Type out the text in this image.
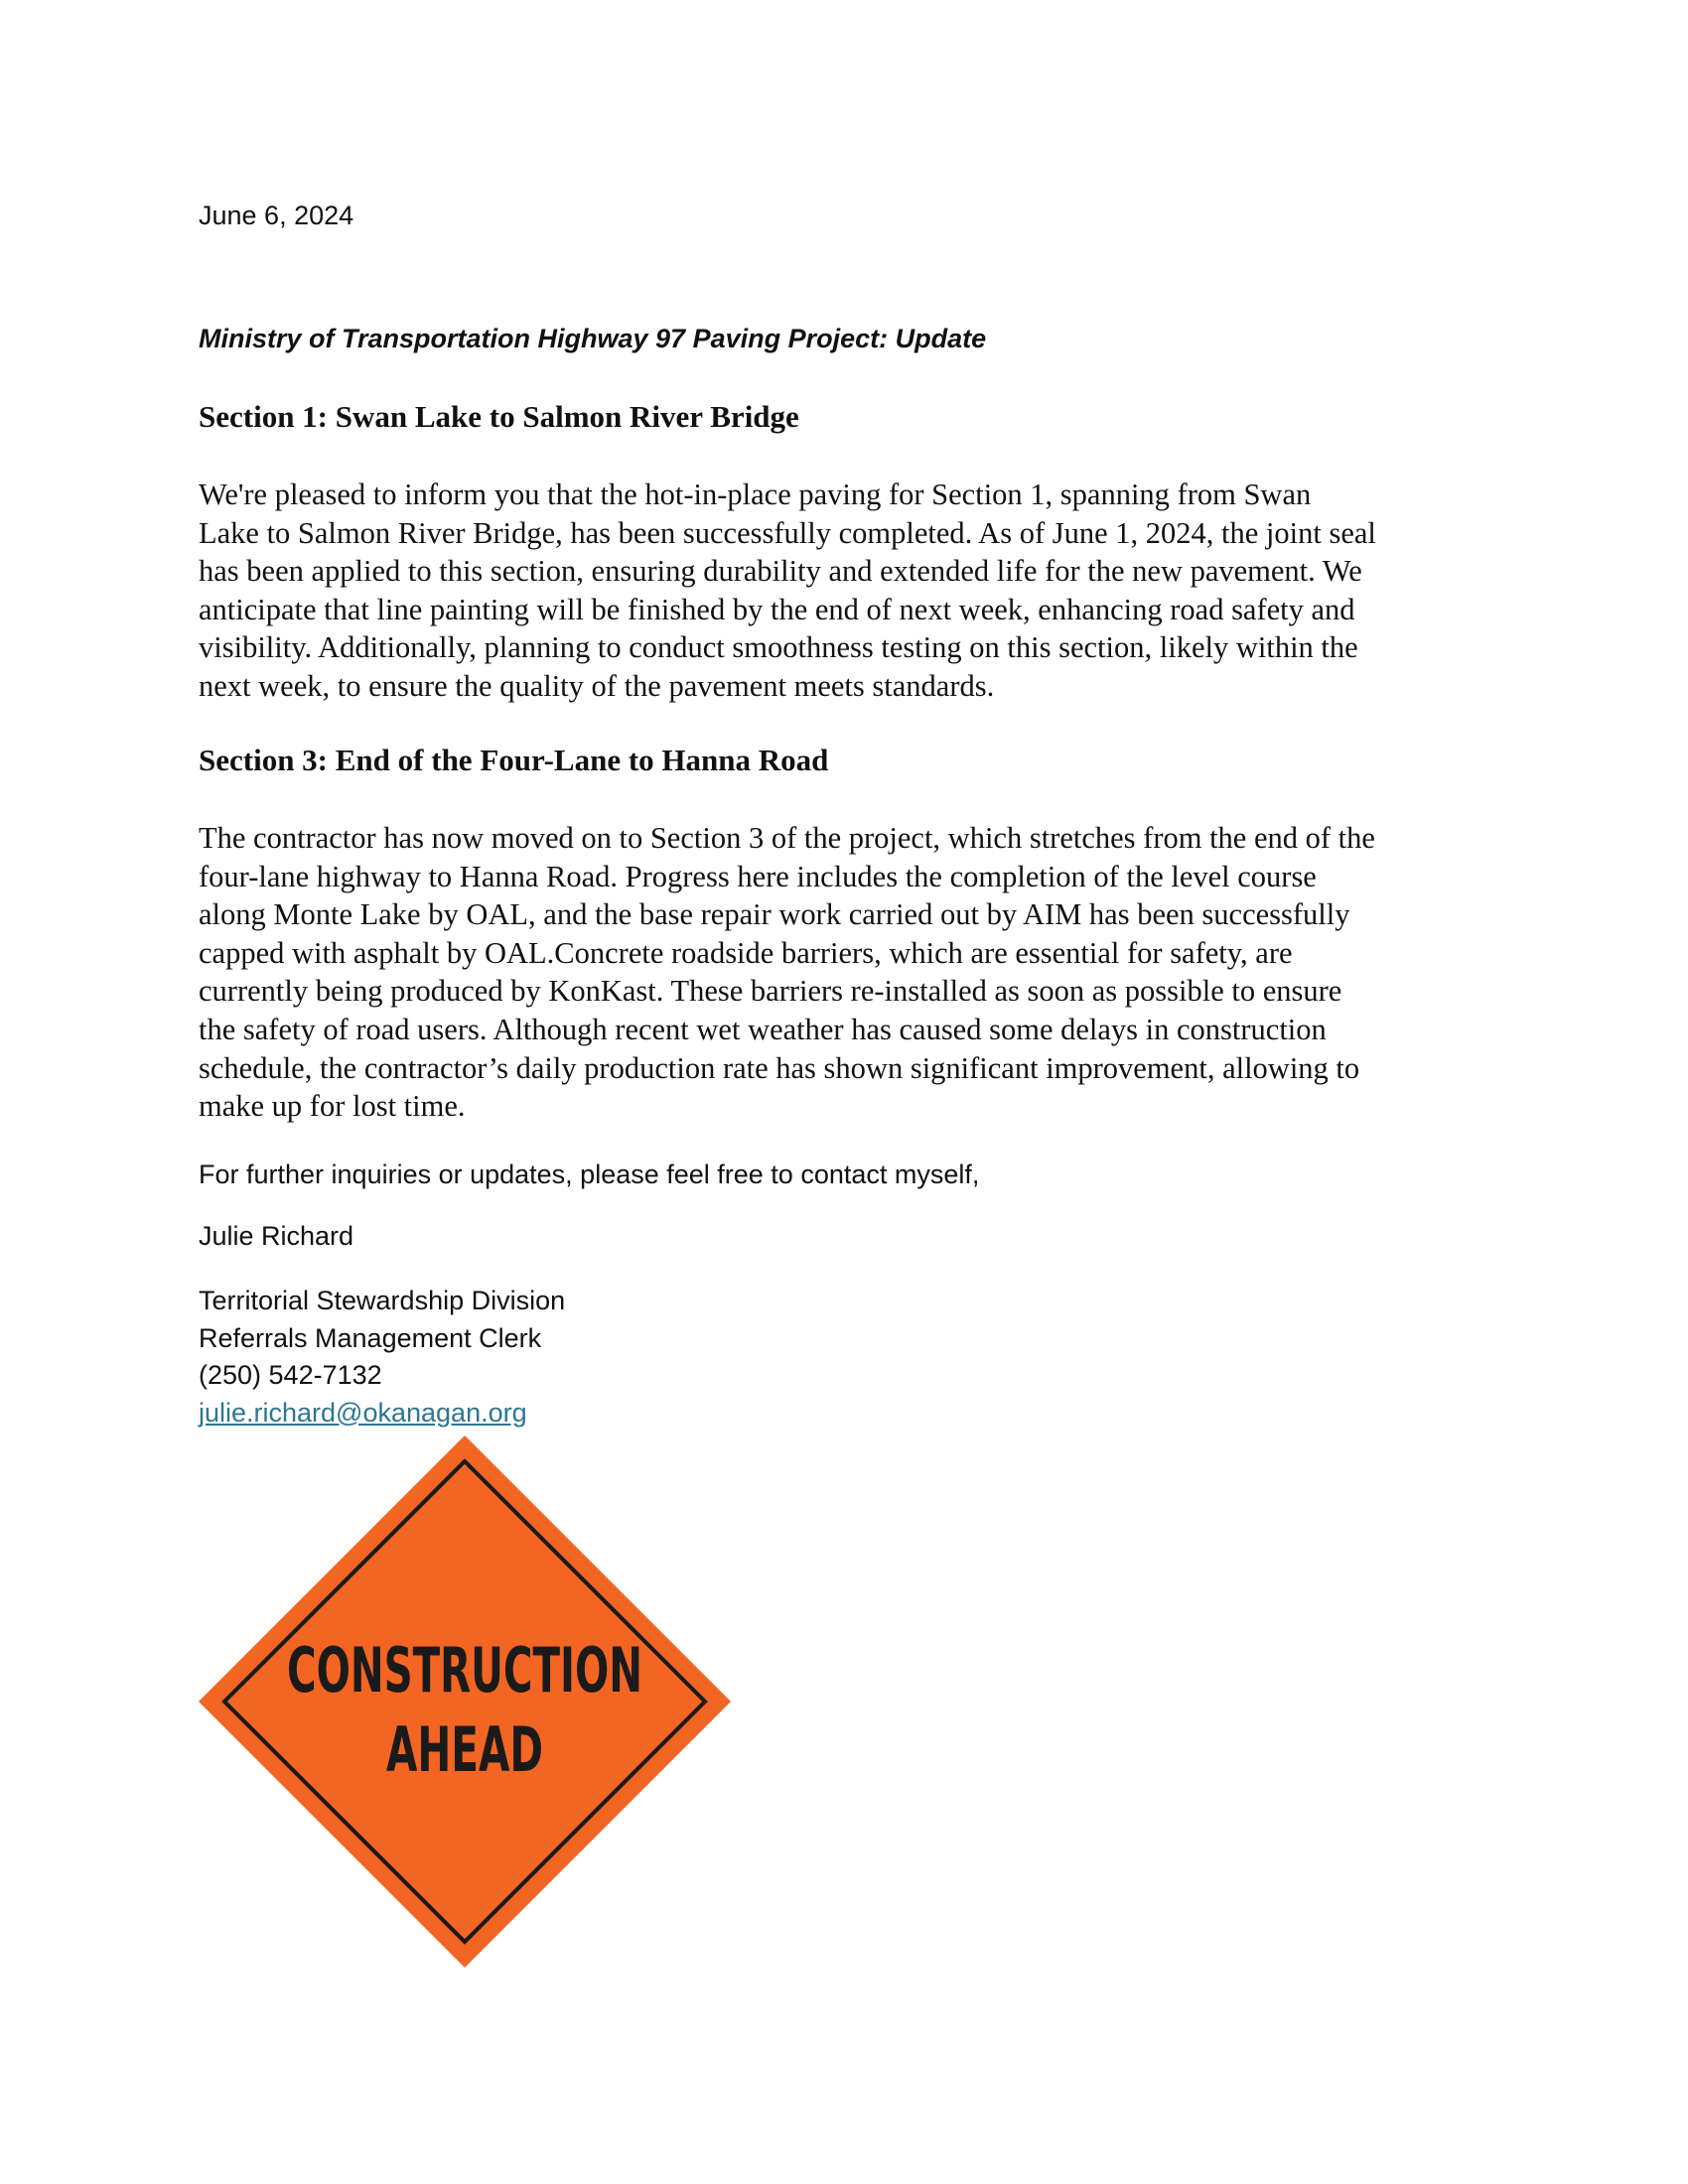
June 6, 2024
Ministry of Transportation Highway 97 Paving Project: Update
Section 1: Swan Lake to Salmon River Bridge
We're pleased to inform you that the hot-in-place paving for Section 1, spanning from Swan
Lake to Salmon River Bridge, has been successfully completed. As of June 1, 2024, the joint seal
has been applied to this section, ensuring durability and extended life for the new pavement. We
anticipate that line painting will be finished by the end of next week, enhancing road safety and
visibility. Additionally, planning to conduct smoothness testing on this section, likely within the
next week, to ensure the quality of the pavement meets standards.
Section 3: End of the Four-Lane to Hanna Road
The contractor has now moved on to Section 3 of the project, which stretches from the end of the
four-lane highway to Hanna Road. Progress here includes the completion of the level course
along Monte Lake by OAL, and the base repair work carried out by AIM has been successfully
capped with asphalt by OAL.Concrete roadside barriers, which are essential for safety, are
currently being produced by KonKast. These barriers re-installed as soon as possible to ensure
the safety of road users. Although recent wet weather has caused some delays in construction
schedule, the contractor’s daily production rate has shown significant improvement, allowing to
make up for lost time.
For further inquiries or updates, please feel free to contact myself,
Julie Richard
Territorial Stewardship Division
Referrals Management Clerk
(250) 542-7132
julie.richard@okanagan.org
CONSTRUCTION
AHEAD
